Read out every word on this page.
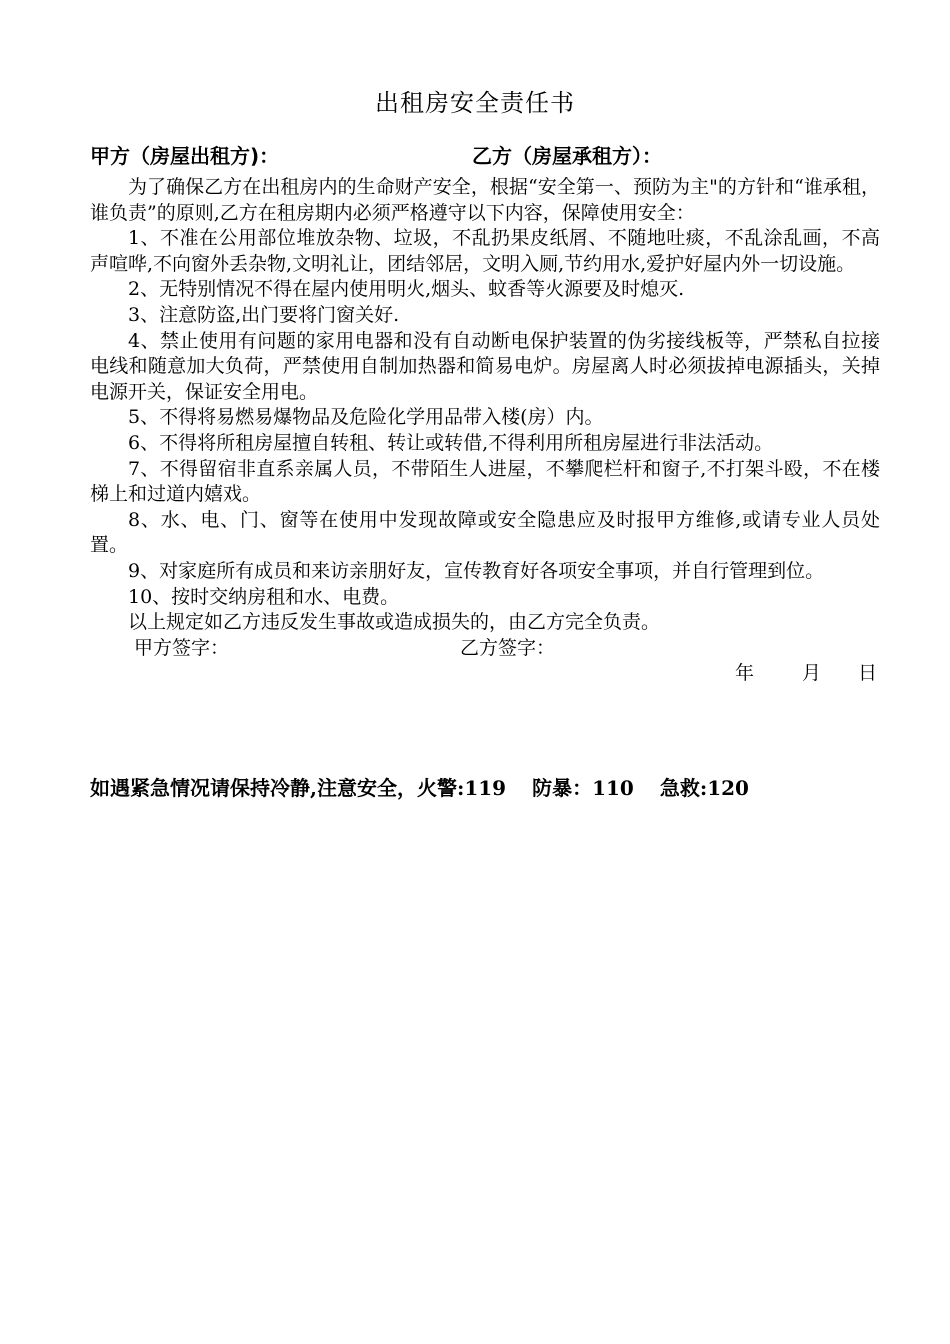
出租房安全责任书
甲方（房屋出租方)：	乙方（房屋承租方）：

为了确保乙方在出租房内的生命财产安全，根据“安全第一、预防为主"的方针和“谁承租，谁负责”的原则,乙方在租房期内必须严格遵守以下内容，保障使用安全：

1、不准在公用部位堆放杂物、垃圾，不乱扔果皮纸屑、不随地吐痰，不乱涂乱画，不高声喧哗,不向窗外丢杂物,文明礼让，团结邻居，文明入厕,节约用水,爱护好屋内外一切设施。

2、无特别情况不得在屋内使用明火,烟头、蚊香等火源要及时熄灭.

3、注意防盗,出门要将门窗关好.

4、禁止使用有问题的家用电器和没有自动断电保护装置的伪劣接线板等，严禁私自拉接电线和随意加大负荷，严禁使用自制加热器和简易电炉。房屋离人时必须拔掉电源插头，关掉电源开关，保证安全用电。

5、不得将易燃易爆物品及危险化学用品带入楼(房）内。

6、不得将所租房屋擅自转租、转让或转借,不得利用所租房屋进行非法活动。

7、不得留宿非直系亲属人员，不带陌生人进屋，不攀爬栏杆和窗子,不打架斗殴，不在楼梯上和过道内嬉戏。

8、水、电、门、窗等在使用中发现故障或安全隐患应及时报甲方维修,或请专业人员处置。

9、对家庭所有成员和来访亲朋好友，宣传教育好各项安全事项，并自行管理到位。

10、按时交纳房租和水、电费。

以上规定如乙方违反发生事故或造成损失的，由乙方完全负责。

甲方签字：	乙方签字：
年	月 日
如遇紧急情况请保持冷静,注意安全，火警:119 防暴：110 急救:120
